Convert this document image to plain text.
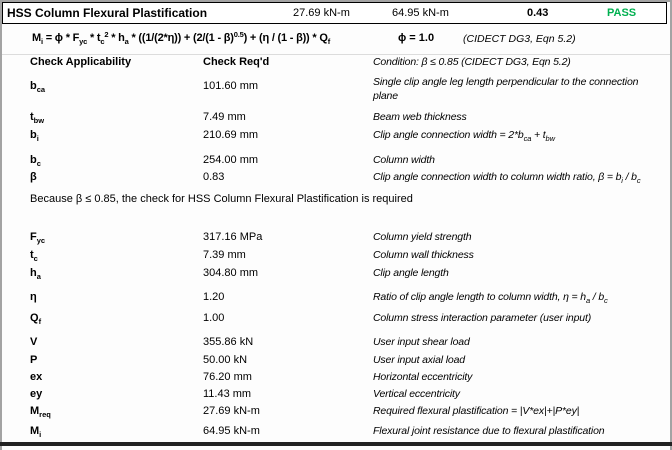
HSS Column Flexural Plastification	27.69 kN-m	64.95 kN-m	0.43	PASS
$M_i = \phi * F_{yc} * t_c^2 * h_a * ((1/(2*\eta)) + (2/(1 - \beta)^{0.5}) + (\eta / (1 - \beta)) * Q_f$	ϕ = 1.0	(CIDECT DG3, Eqn 5.2)
Check Applicability	Check Req'd	Condition: β ≤ 0.85 (CIDECT DG3, Eqn 5.2)
$b_{ca}$	101.60 mm	Single clip angle leg length perpendicular to the connection plane
$t_{bw}$	7.49 mm	Beam web thickness
$b_i$	210.69 mm	Clip angle connection width = $2*b_{ca} + t_{bw}$
$b_c$	254.00 mm	Column width
β	0.83	Clip angle connection width to column width ratio, $\beta = b_i / b_c$
$F_{yc}$	317.16 MPa	Column yield strength
$t_c$	7.39 mm	Column wall thickness
$h_a$	304.80 mm	Clip angle length
η	1.20	Ratio of clip angle length to column width, $\eta = h_a / b_c$
$Q_f$	1.00	Column stress interaction parameter (user input)
V	355.86 kN	User input shear load
P	50.00 kN	User input axial load
ex	76.20 mm	Horizontal eccentricity
ey	11.43 mm	Vertical eccentricity
$M_{req}$	27.69 kN-m	Required flexural plastification = |V*ex|+|P*ey|
$M_i$	64.95 kN-m	Flexural joint resistance due to flexural plastification
Because β ≤ 0.85, the check for HSS Column Flexural Plastification is required
